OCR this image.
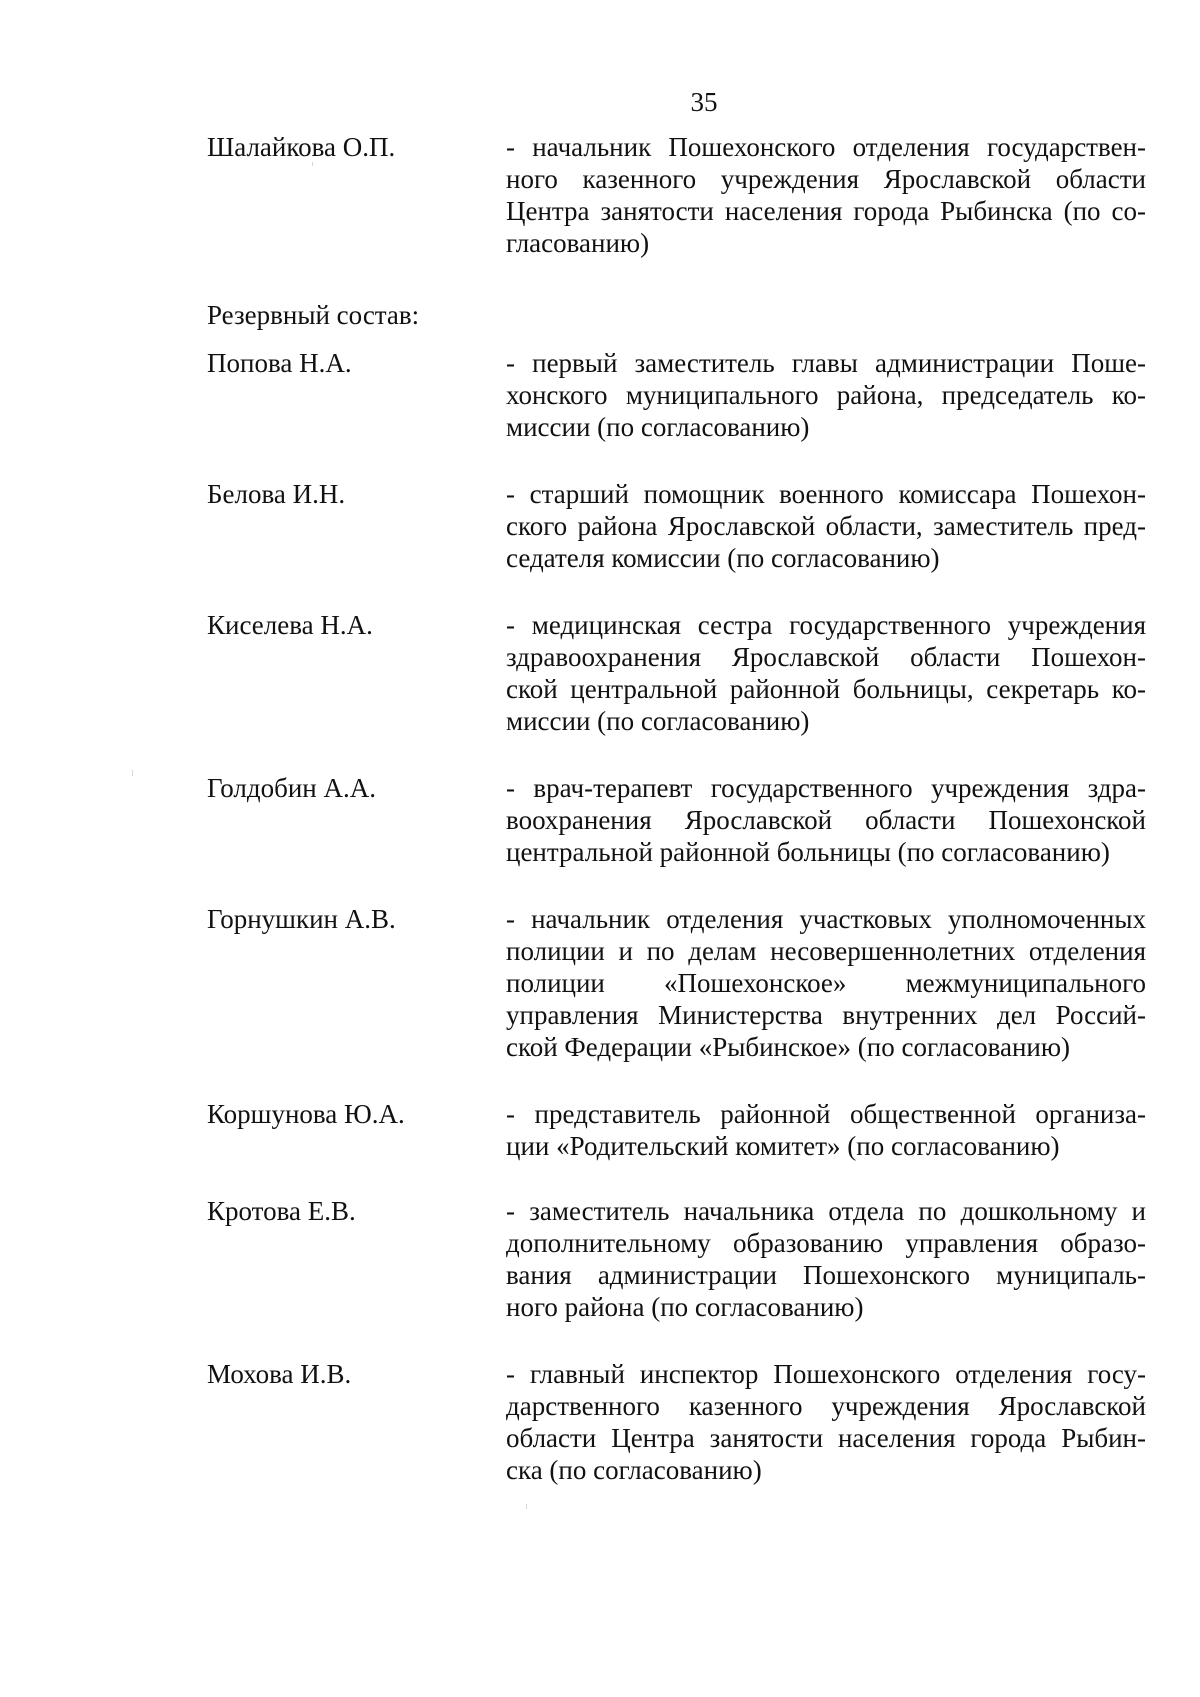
35
Шалайкова О.П.	- начальник Пошехонского отделения государствен-
ного казенного учреждения Ярославской области
Центра занятости населения города Рыбинска (по со-
гласованию)
Резервный состав:
Попова Н.А.	- первый заместитель главы администрации Поше-
хонского муниципального района, председатель ко-
миссии (по согласованию)
Белова И.Н.	- старший помощник военного комиссара Пошехон-
ского района Ярославской области, заместитель пред-
седателя комиссии (по согласованию)
Киселева Н.А.	- медицинская сестра государственного учреждения
здравоохранения Ярославской области Пошехон-
ской центральной районной больницы, секретарь ко-
миссии (по согласованию)
Голдобин А.А.	- врач-терапевт государственного учреждения здра-
воохранения Ярославской области Пошехонской
центральной районной больницы (по согласованию)
Горнушкин А.В.	- начальник отделения участковых уполномоченных
полиции и по делам несовершеннолетних отделения
полиции «Пошехонское» межмуниципального
управления Министерства внутренних дел Россий-
ской Федерации «Рыбинское» (по согласованию)
Коршунова Ю.А.	- представитель районной общественной организа-
ции «Родительский комитет» (по согласованию)
Кротова Е.В.	- заместитель начальника отдела по дошкольному и
дополнительному образованию управления образо-
вания администрации Пошехонского муниципаль-
ного района (по согласованию)
Мохова И.В.	- главный инспектор Пошехонского отделения госу-
дарственного казенного учреждения Ярославской
области Центра занятости населения города Рыбин-
ска (по согласованию)
